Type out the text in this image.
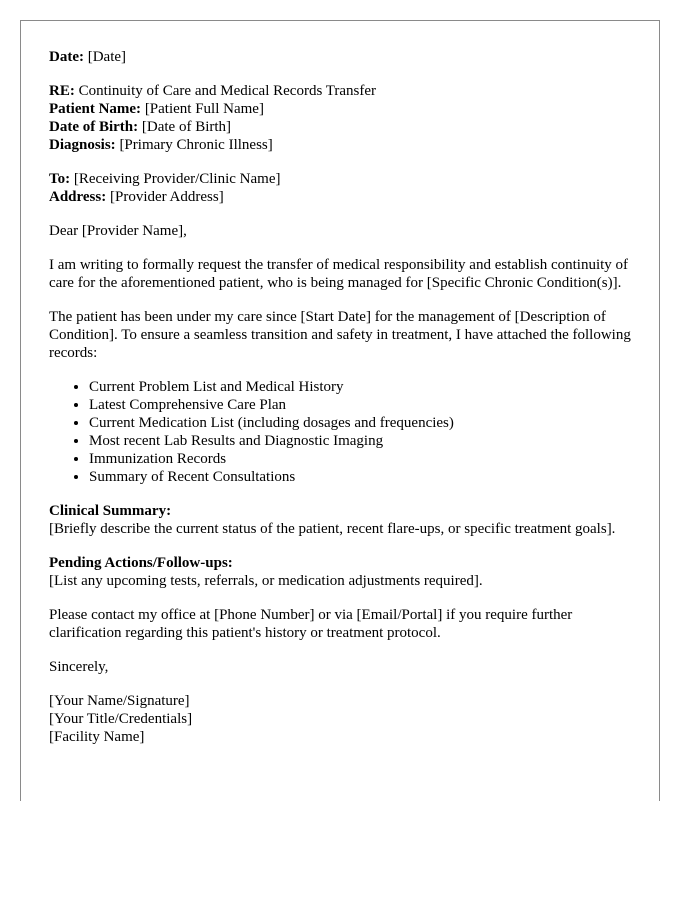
Date: [Date]

RE: Continuity of Care and Medical Records Transfer

Patient Name: [Patient Full Name]

Date of Birth: [Date of Birth]

Diagnosis: [Primary Chronic Illness]

To: [Receiving Provider/Clinic Name]

Address: [Provider Address]

Dear [Provider Name],

I am writing to formally request the transfer of medical responsibility and establish continuity of care for the aforementioned patient, who is being managed for [Specific Chronic Condition(s)].

The patient has been under my care since [Start Date] for the management of [Description of Condition]. To ensure a seamless transition and safety in treatment, I have attached the following records:

• Current Problem List and Medical History
• Latest Comprehensive Care Plan
• Current Medication List (including dosages and frequencies)
• Most recent Lab Results and Diagnostic Imaging
• Immunization Records
• Summary of Recent Consultations

Clinical Summary:

[Briefly describe the current status of the patient, recent flare-ups, or specific treatment goals].

Pending Actions/Follow-ups:

[List any upcoming tests, referrals, or medication adjustments required].

Please contact my office at [Phone Number] or via [Email/Portal] if you require further clarification regarding this patient's history or treatment protocol.

Sincerely,

[Your Name/Signature]

[Your Title/Credentials]

[Facility Name]
